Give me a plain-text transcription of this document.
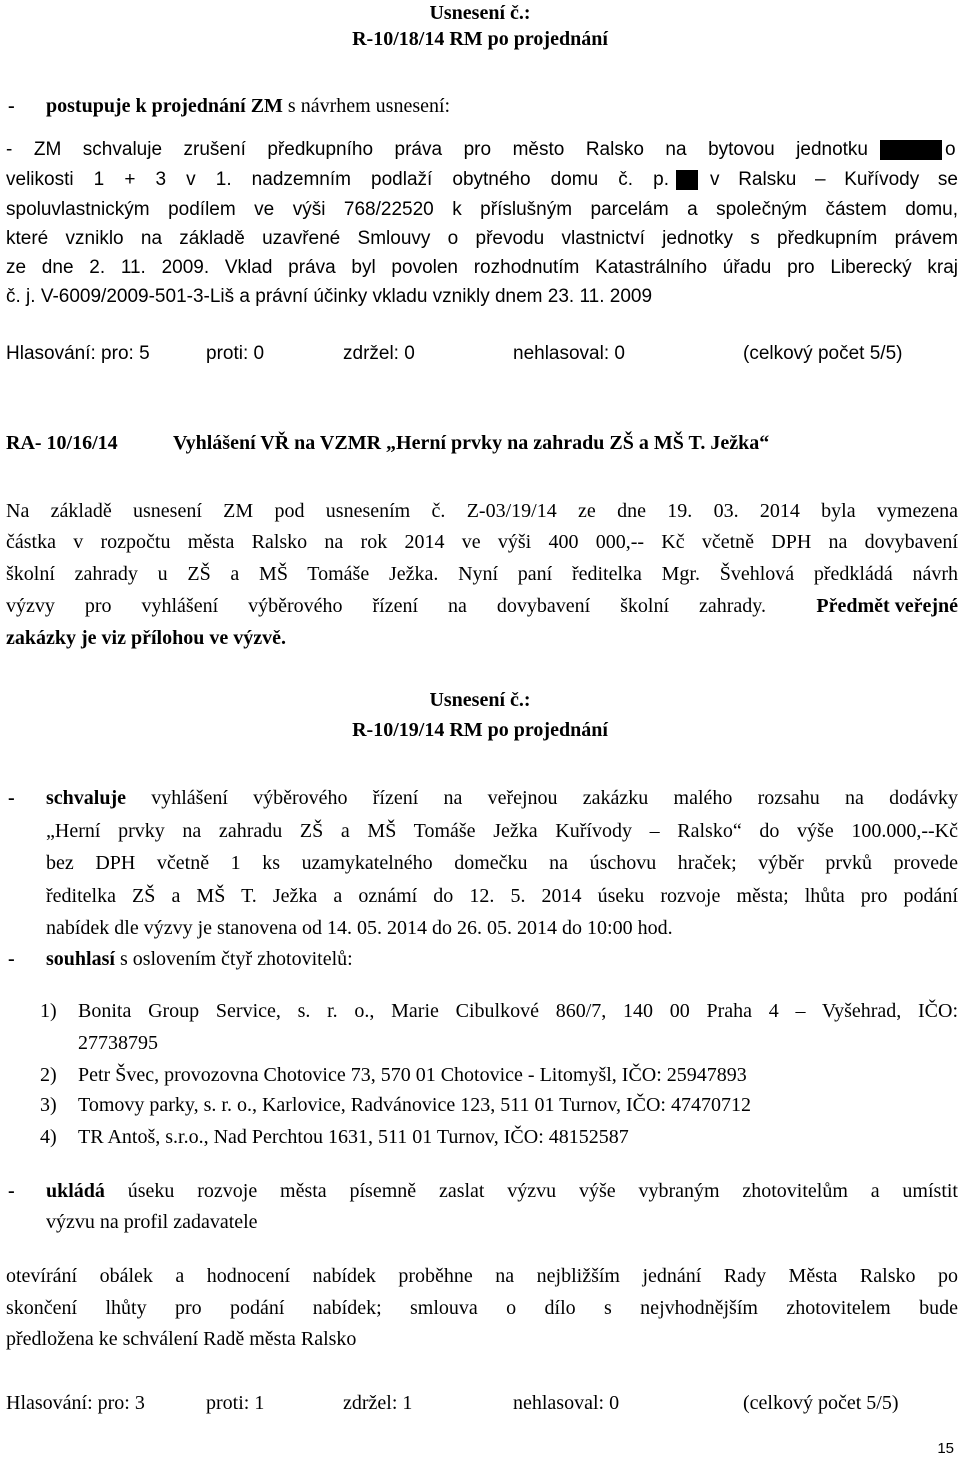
Usnesení č.:
R-10/18/14 RM po projednání
- postupuje k projednání ZM s návrhem usnesení:
- ZM schvaluje zrušení předkupního práva pro město Ralsko na bytovou jednotku	o
velikosti 1 + 3 v 1. nadzemním podlaží obytného domu č. p. v Ralsku – Kuřívody se
spoluvlastnickým podílem ve výši 768/22520 k příslušným parcelám a společným částem domu,
které vzniklo na základě uzavřené Smlouvy o převodu vlastnictví jednotky s předkupním právem
ze dne 2. 11. 2009. Vklad práva byl povolen rozhodnutím Katastrálního úřadu pro Liberecký kraj
č. j. V-6009/2009-501-3-Liš a právní účinky vkladu vznikly dnem 23. 11. 2009
Hlasování: pro: 5	proti: 0	zdržel: 0	nehlasoval: 0	(celkový počet 5/5)
RA- 10/16/14	Vyhlášení VŘ na VZMR „Herní prvky na zahradu ZŠ a MŠ T. Ježka“
Na základě usnesení ZM pod usnesením č. Z-03/19/14 ze dne 19. 03. 2014 byla vymezena
částka v rozpočtu města Ralsko na rok 2014 ve výši 400 000,-- Kč včetně DPH na dovybavení
školní zahrady u ZŠ a MŠ Tomáše Ježka. Nyní paní ředitelka Mgr. Švehlová předkládá návrh
výzvy pro vyhlášení výběrového řízení na dovybavení školní zahrady.	Předmět veřejné
zakázky je viz přílohou ve výzvě.
Usnesení č.:
R-10/19/14 RM po projednání
- schvaluje vyhlášení výběrového řízení na veřejnou zakázku malého rozsahu na dodávky
„Herní prvky na zahradu ZŠ a MŠ Tomáše Ježka Kuřívody – Ralsko“ do výše 100.000,--Kč
bez DPH včetně 1 ks uzamykatelného domečku na úschovu hraček; výběr prvků provede
ředitelka ZŠ a MŠ T. Ježka a oznámí do 12. 5. 2014 úseku rozvoje města; lhůta pro podání
nabídek dle výzvy je stanovena od 14. 05. 2014 do 26. 05. 2014 do 10:00 hod.
- souhlasí s oslovením čtyř zhotovitelů:
1) Bonita Group Service, s. r. o., Marie Cibulkové 860/7, 140 00 Praha 4 – Vyšehrad, IČO:
27738795
2) Petr Švec, provozovna Chotovice 73, 570 01 Chotovice - Litomyšl, IČO: 25947893
3) Tomovy parky, s. r. o., Karlovice, Radvánovice 123, 511 01 Turnov, IČO: 47470712
4) TR Antoš, s.r.o., Nad Perchtou 1631, 511 01 Turnov, IČO: 48152587
- ukládá úseku rozvoje města písemně zaslat výzvu výše vybraným zhotovitelům a umístit
výzvu na profil zadavatele
otevírání obálek a hodnocení nabídek proběhne na nejbližším jednání Rady Města Ralsko po
skončení lhůty pro podání nabídek; smlouva o dílo s nejvhodnějším zhotovitelem bude
předložena ke schválení Radě města Ralsko
Hlasování: pro: 3	proti: 1	zdržel: 1	nehlasoval: 0	(celkový počet 5/5)
15
